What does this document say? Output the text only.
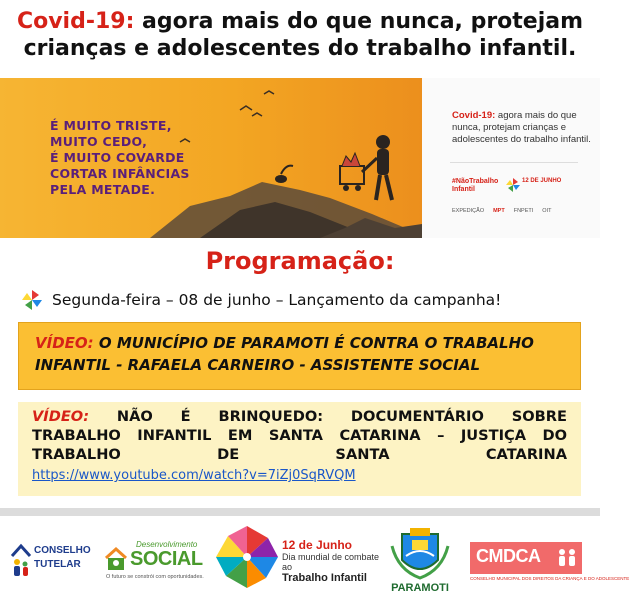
Covid-19: agora mais do que nunca, protejam
crianças e adolescentes do trabalho infantil.
É MUITO TRISTE,
MUITO CEDO,
É MUITO COVARDE
CORTAR INFÂNCIAS
PELA METADE.
Covid-19: agora mais do que nunca, protejam crianças e adolescentes do trabalho infantil.
#NãoTrabalho Infantil
12 DE JUNHO
EXPEDIÇÃO MPT FNPETI OIT
Programação:
Segunda-feira – 08 de junho – Lançamento da campanha!
VÍDEO: O MUNICÍPIO DE PARAMOTI É CONTRA O TRABALHO INFANTIL - RAFAELA CARNEIRO - ASSISTENTE SOCIAL
VÍDEO: NÃO É BRINQUEDO: DOCUMENTÁRIO SOBRE
TRABALHO INFANTIL EM SANTA CATARINA – JUSTIÇA DO
TRABALHO DE SANTA CATARINA
https://www.youtube.com/watch?v=7iZj0SqRVQM
CONSELHO
TUTELAR
Desenvolvimento
SOCIAL
O futuro se constrói com oportunidades.
12 de Junho
Dia mundial de combate ao
Trabalho Infantil
PARAMOTI
CMDCA
CONSELHO MUNICIPAL DOS DIREITOS DA CRIANÇA E DO ADOLESCENTE
